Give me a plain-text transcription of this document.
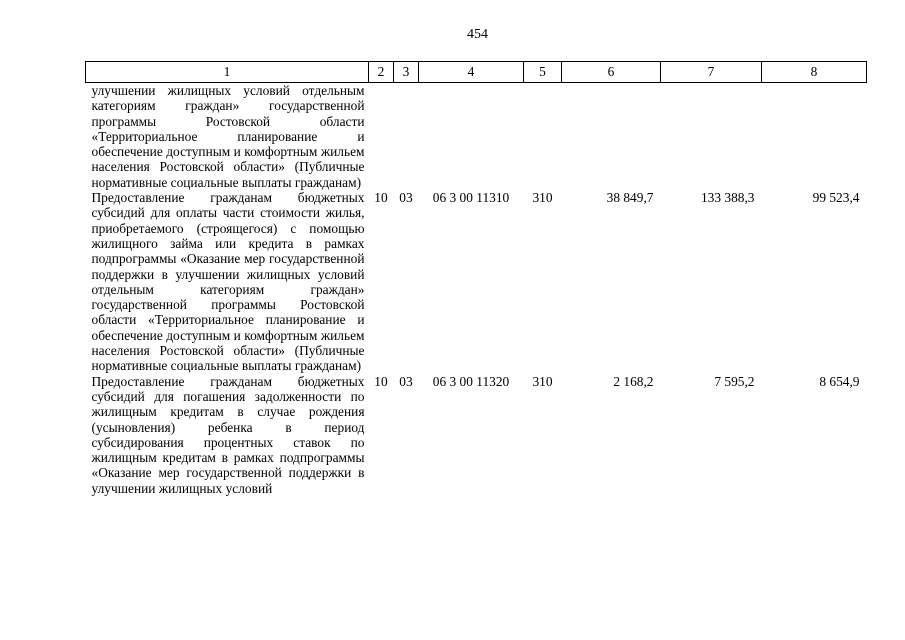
454
1	2	3	4	5	6	7	8
улучшении жилищных условий отдельным категориям граждан» государственной программы Ростовской области «Территориальное планирование и обеспечение доступным и комфортным жильем населения Ростовской области» (Публичные нормативные социальные выплаты гражданам)							
Предоставление гражданам бюджетных субсидий для оплаты части стоимости жилья, приобретаемого (строящегося) с помощью жилищного займа или кредита в рамках подпрограммы «Оказание мер государственной поддержки в улучшении жилищных условий отдельным категориям граждан» государственной программы Ростовской области «Территориальное планирование и обеспечение доступным и комфортным жильем населения Ростовской области» (Публичные нормативные социальные выплаты гражданам)	10	03	06 3 00 11310	310	38 849,7	133 388,3	99 523,4
Предоставление гражданам бюджетных субсидий для погашения задолженности по жилищным кредитам в случае рождения (усыновления) ребенка в период субсидирования процентных ставок по жилищным кредитам в рамках подпрограммы «Оказание мер государственной поддержки в улучшении жилищных условий	10	03	06 3 00 11320	310	2 168,2	7 595,2	8 654,9
